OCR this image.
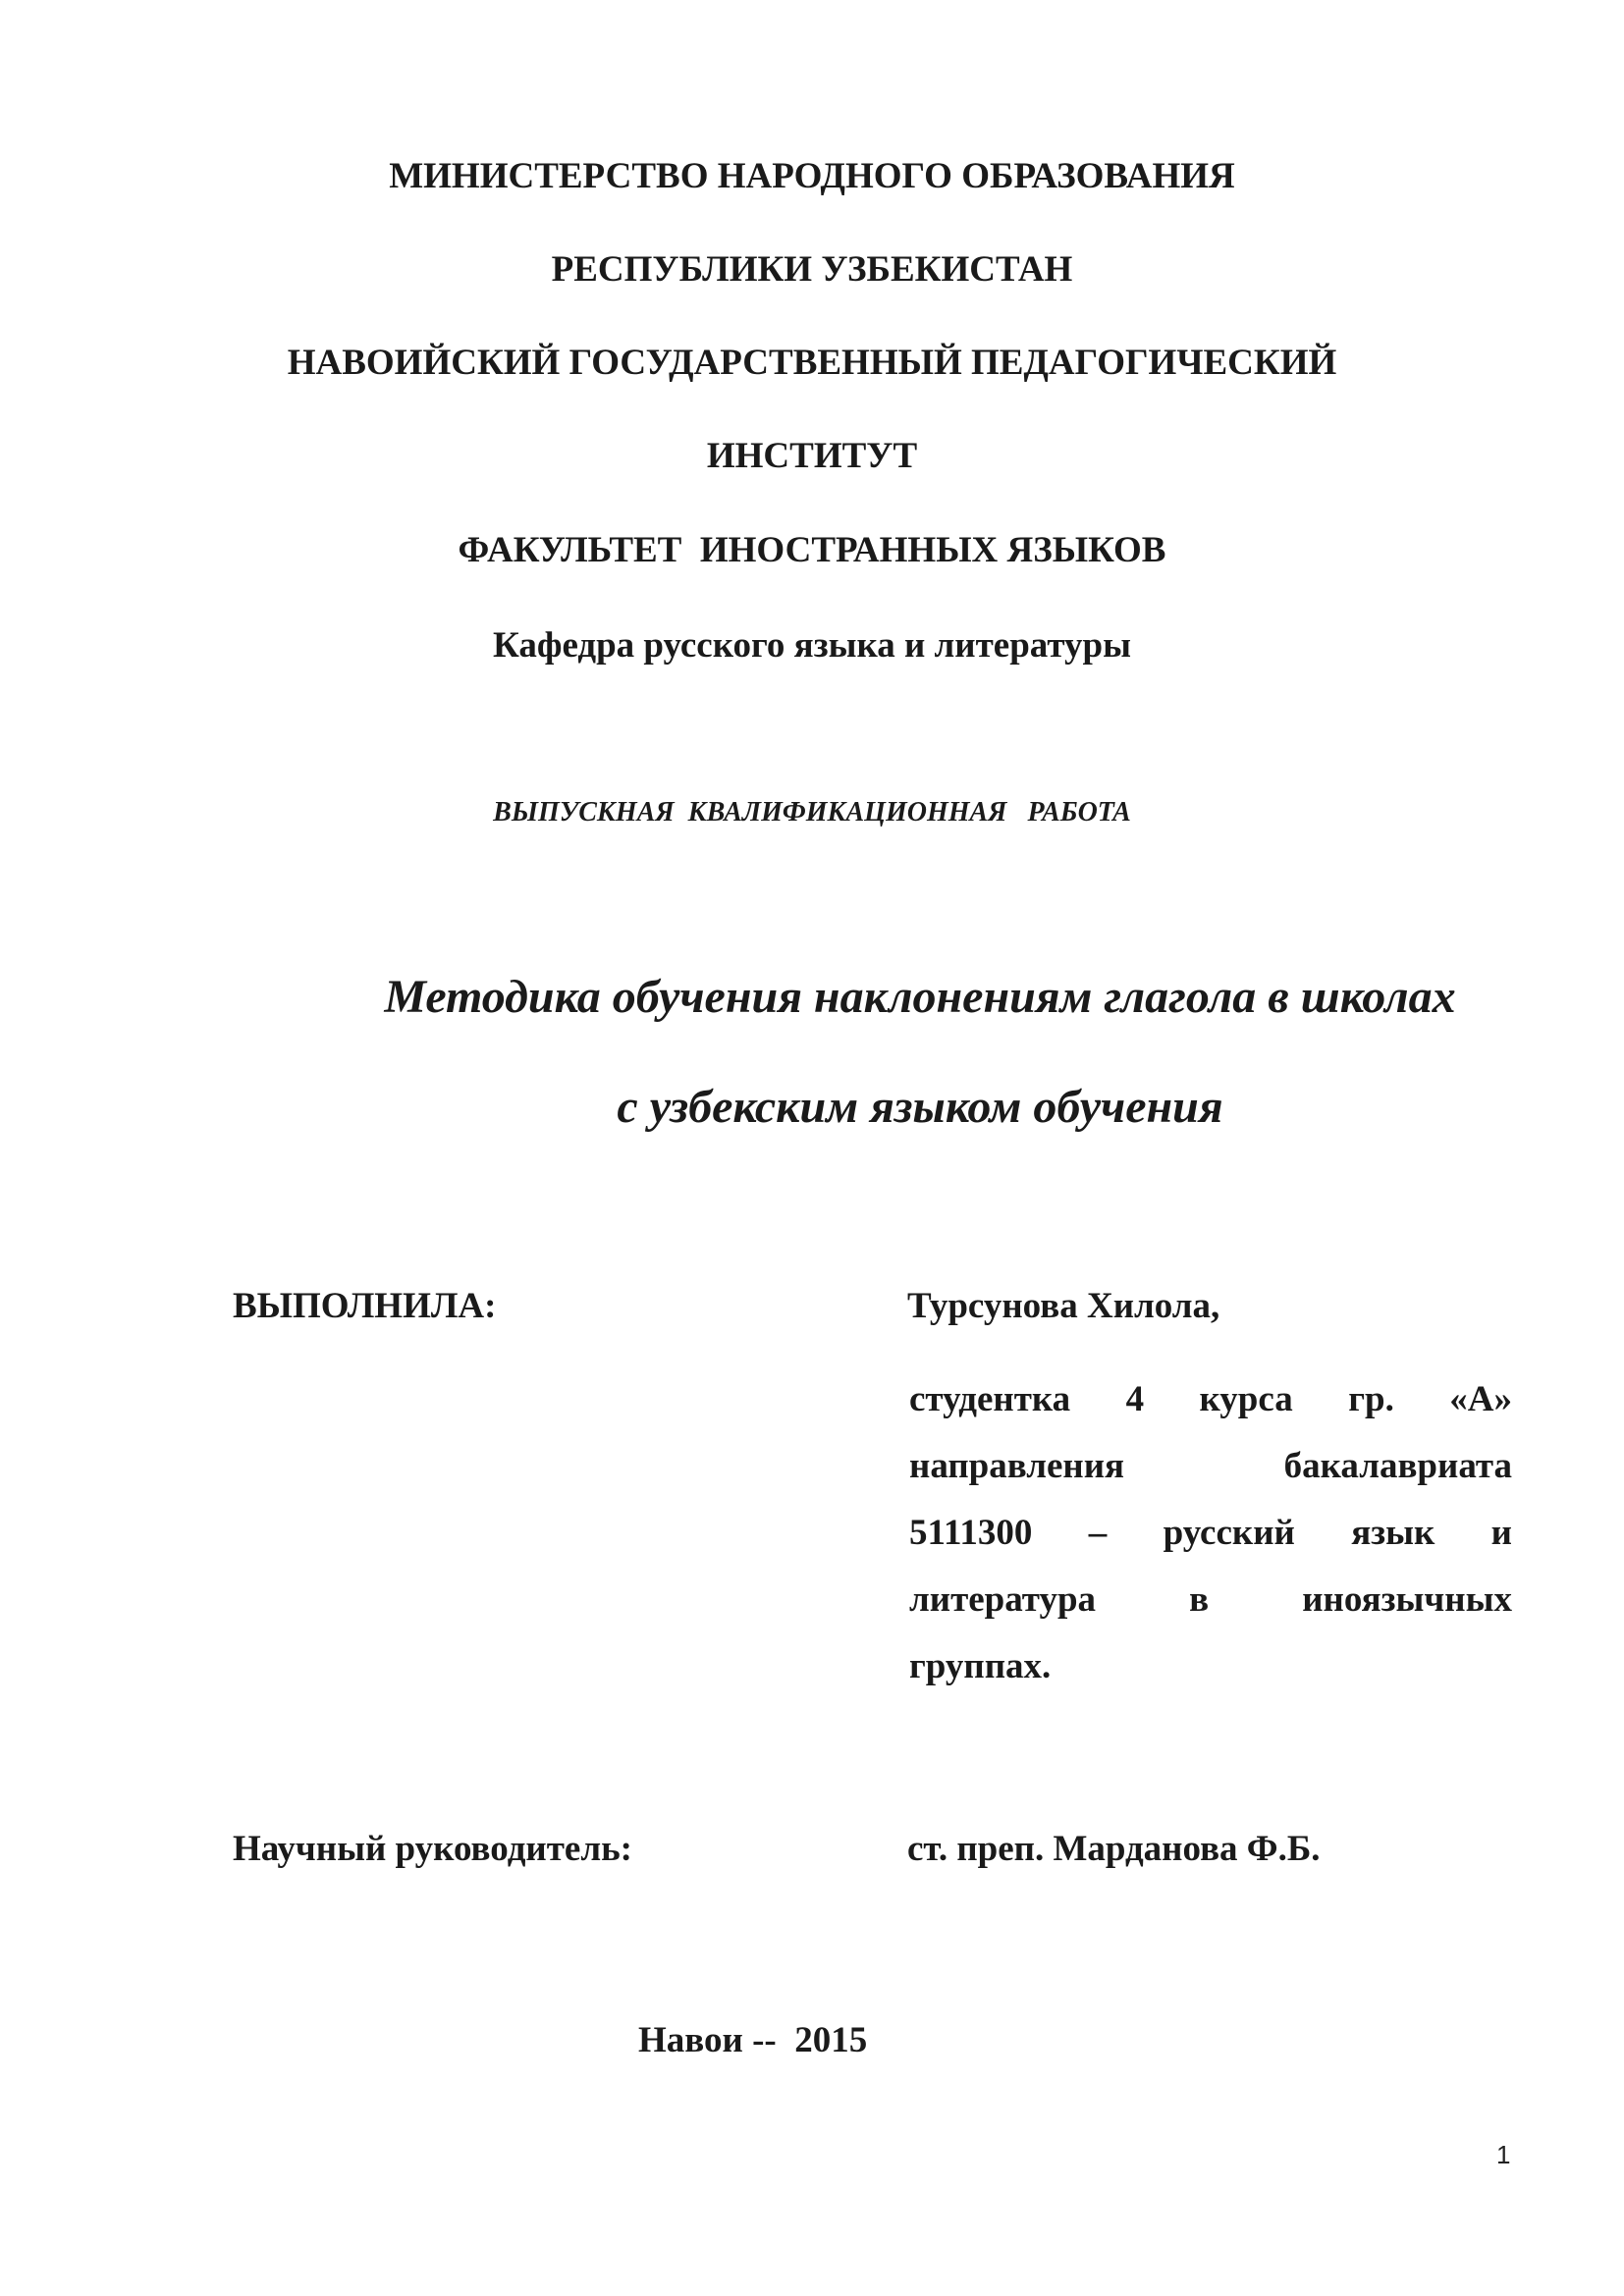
МИНИСТЕРСТВО НАРОДНОГО ОБРАЗОВАНИЯ
РЕСПУБЛИКИ УЗБЕКИСТАН
НАВОИЙСКИЙ ГОСУДАРСТВЕННЫЙ ПЕДАГОГИЧЕСКИЙ
ИНСТИТУТ
ФАКУЛЬТЕТ  ИНОСТРАННЫХ ЯЗЫКОВ
Кафедра русского языка и литературы
ВЫПУСКНАЯ  КВАЛИФИКАЦИОННАЯ   РАБОТА
Методика обучения наклонениям глагола в школах
с узбекским языком обучения
ВЫПОЛНИЛА:	Турсунова Хилола,
студентка 4 курса гр. «А»
направления	бакалавриата
5111300 – русский язык и
литература	в	иноязычных
группах.
Научный руководитель:	ст. преп. Марданова Ф.Б.
Навои --  2015
1
